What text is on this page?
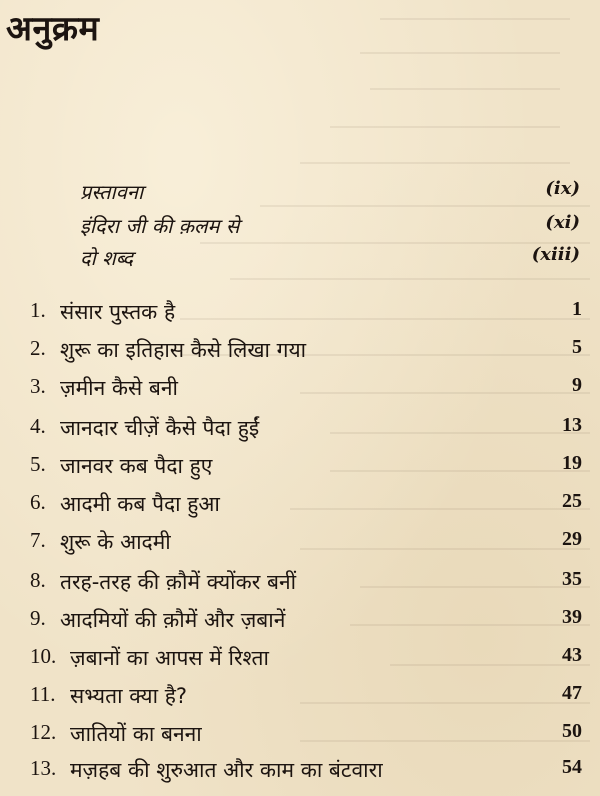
अनुक्रम
प्रस्तावना	(ix)
इंदिरा जी की क़लम से	(xi)
दो शब्द	(xiii)
1. संसार पुस्तक है	1
2. शुरू का इतिहास कैसे लिखा गया	5
3. ज़मीन कैसे बनी	9
4. जानदार चीज़ें कैसे पैदा हुईं	13
5. जानवर कब पैदा हुए	19
6. आदमी कब पैदा हुआ	25
7. शुरू के आदमी	29
8. तरह-तरह की क़ौमें क्योंकर बनीं	35
9. आदमियों की क़ौमें और ज़बानें	39
10. ज़बानों का आपस में रिश्ता	43
11. सभ्यता क्या है?	47
12. जातियों का बनना	50
13. मज़हब की शुरुआत और काम का बंटवारा	54
